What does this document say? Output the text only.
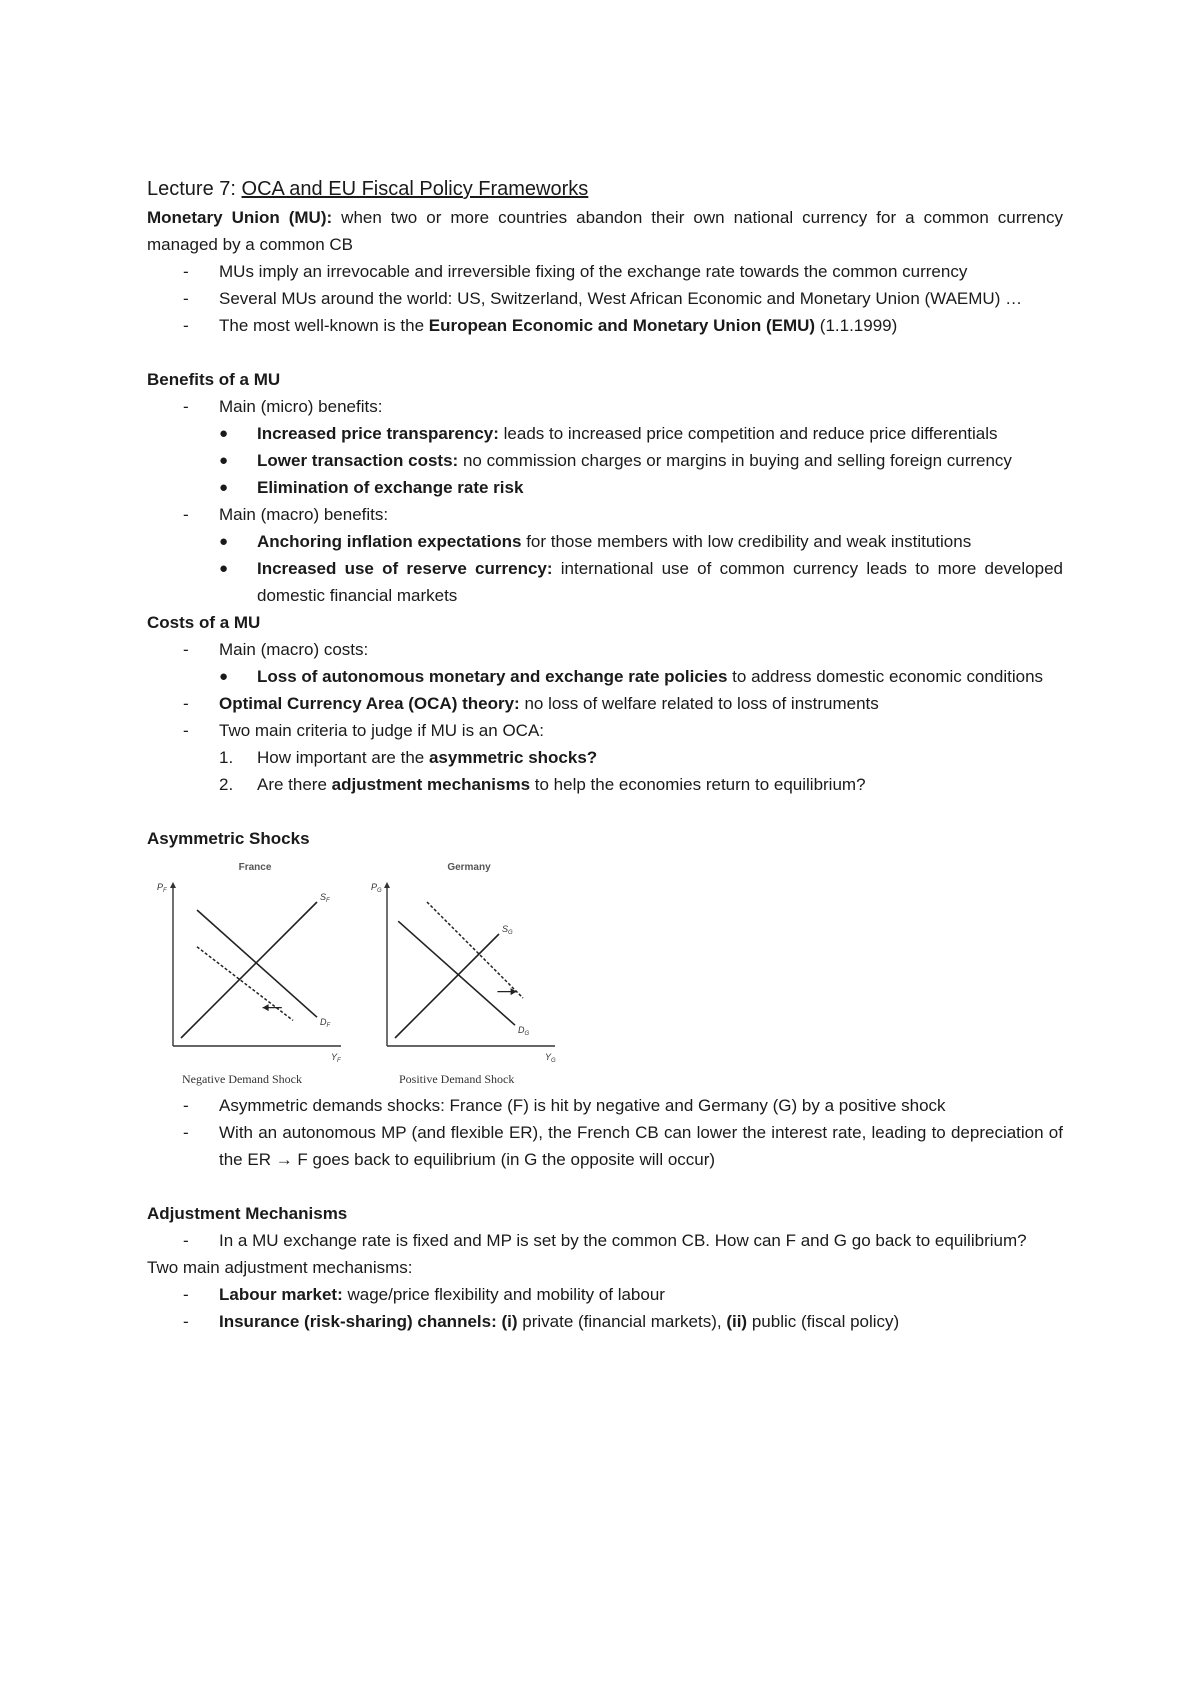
Lecture 7: OCA and EU Fiscal Policy Frameworks
Monetary Union (MU): when two or more countries abandon their own national currency for a common currency managed by a common CB
- MUs imply an irrevocable and irreversible fixing of the exchange rate towards the common currency
- Several MUs around the world: US, Switzerland, West African Economic and Monetary Union (WAEMU) …
- The most well-known is the European Economic and Monetary Union (EMU) (1.1.1999)
Benefits of a MU
- Main (micro) benefits:
● Increased price transparency: leads to increased price competition and reduce price differentials
● Lower transaction costs: no commission charges or margins in buying and selling foreign currency
● Elimination of exchange rate risk
- Main (macro) benefits:
● Anchoring inflation expectations for those members with low credibility and weak institutions
● Increased use of reserve currency: international use of common currency leads to more developed domestic financial markets
Costs of a MU
- Main (macro) costs:
● Loss of autonomous monetary and exchange rate policies to address domestic economic conditions
- Optimal Currency Area (OCA) theory: no loss of welfare related to loss of instruments
- Two main criteria to judge if MU is an OCA:
1. How important are the asymmetric shocks?
2. Are there adjustment mechanisms to help the economies return to equilibrium?
Asymmetric Shocks
France
$P_F$
$Y_F$
$S_F$
$D_F$
Negative Demand Shock
Germany
$P_G$
$Y_G$
$S_G$
$D_G$
Positive Demand Shock
- Asymmetric demands shocks: France (F) is hit by negative and Germany (G) by a positive shock
- With an autonomous MP (and flexible ER), the French CB can lower the interest rate, leading to depreciation of the ER → F goes back to equilibrium (in G the opposite will occur)
Adjustment Mechanisms
- In a MU exchange rate is fixed and MP is set by the common CB. How can F and G go back to equilibrium?
Two main adjustment mechanisms:
- Labour market: wage/price flexibility and mobility of labour
- Insurance (risk-sharing) channels: (i) private (financial markets), (ii) public (fiscal policy)
